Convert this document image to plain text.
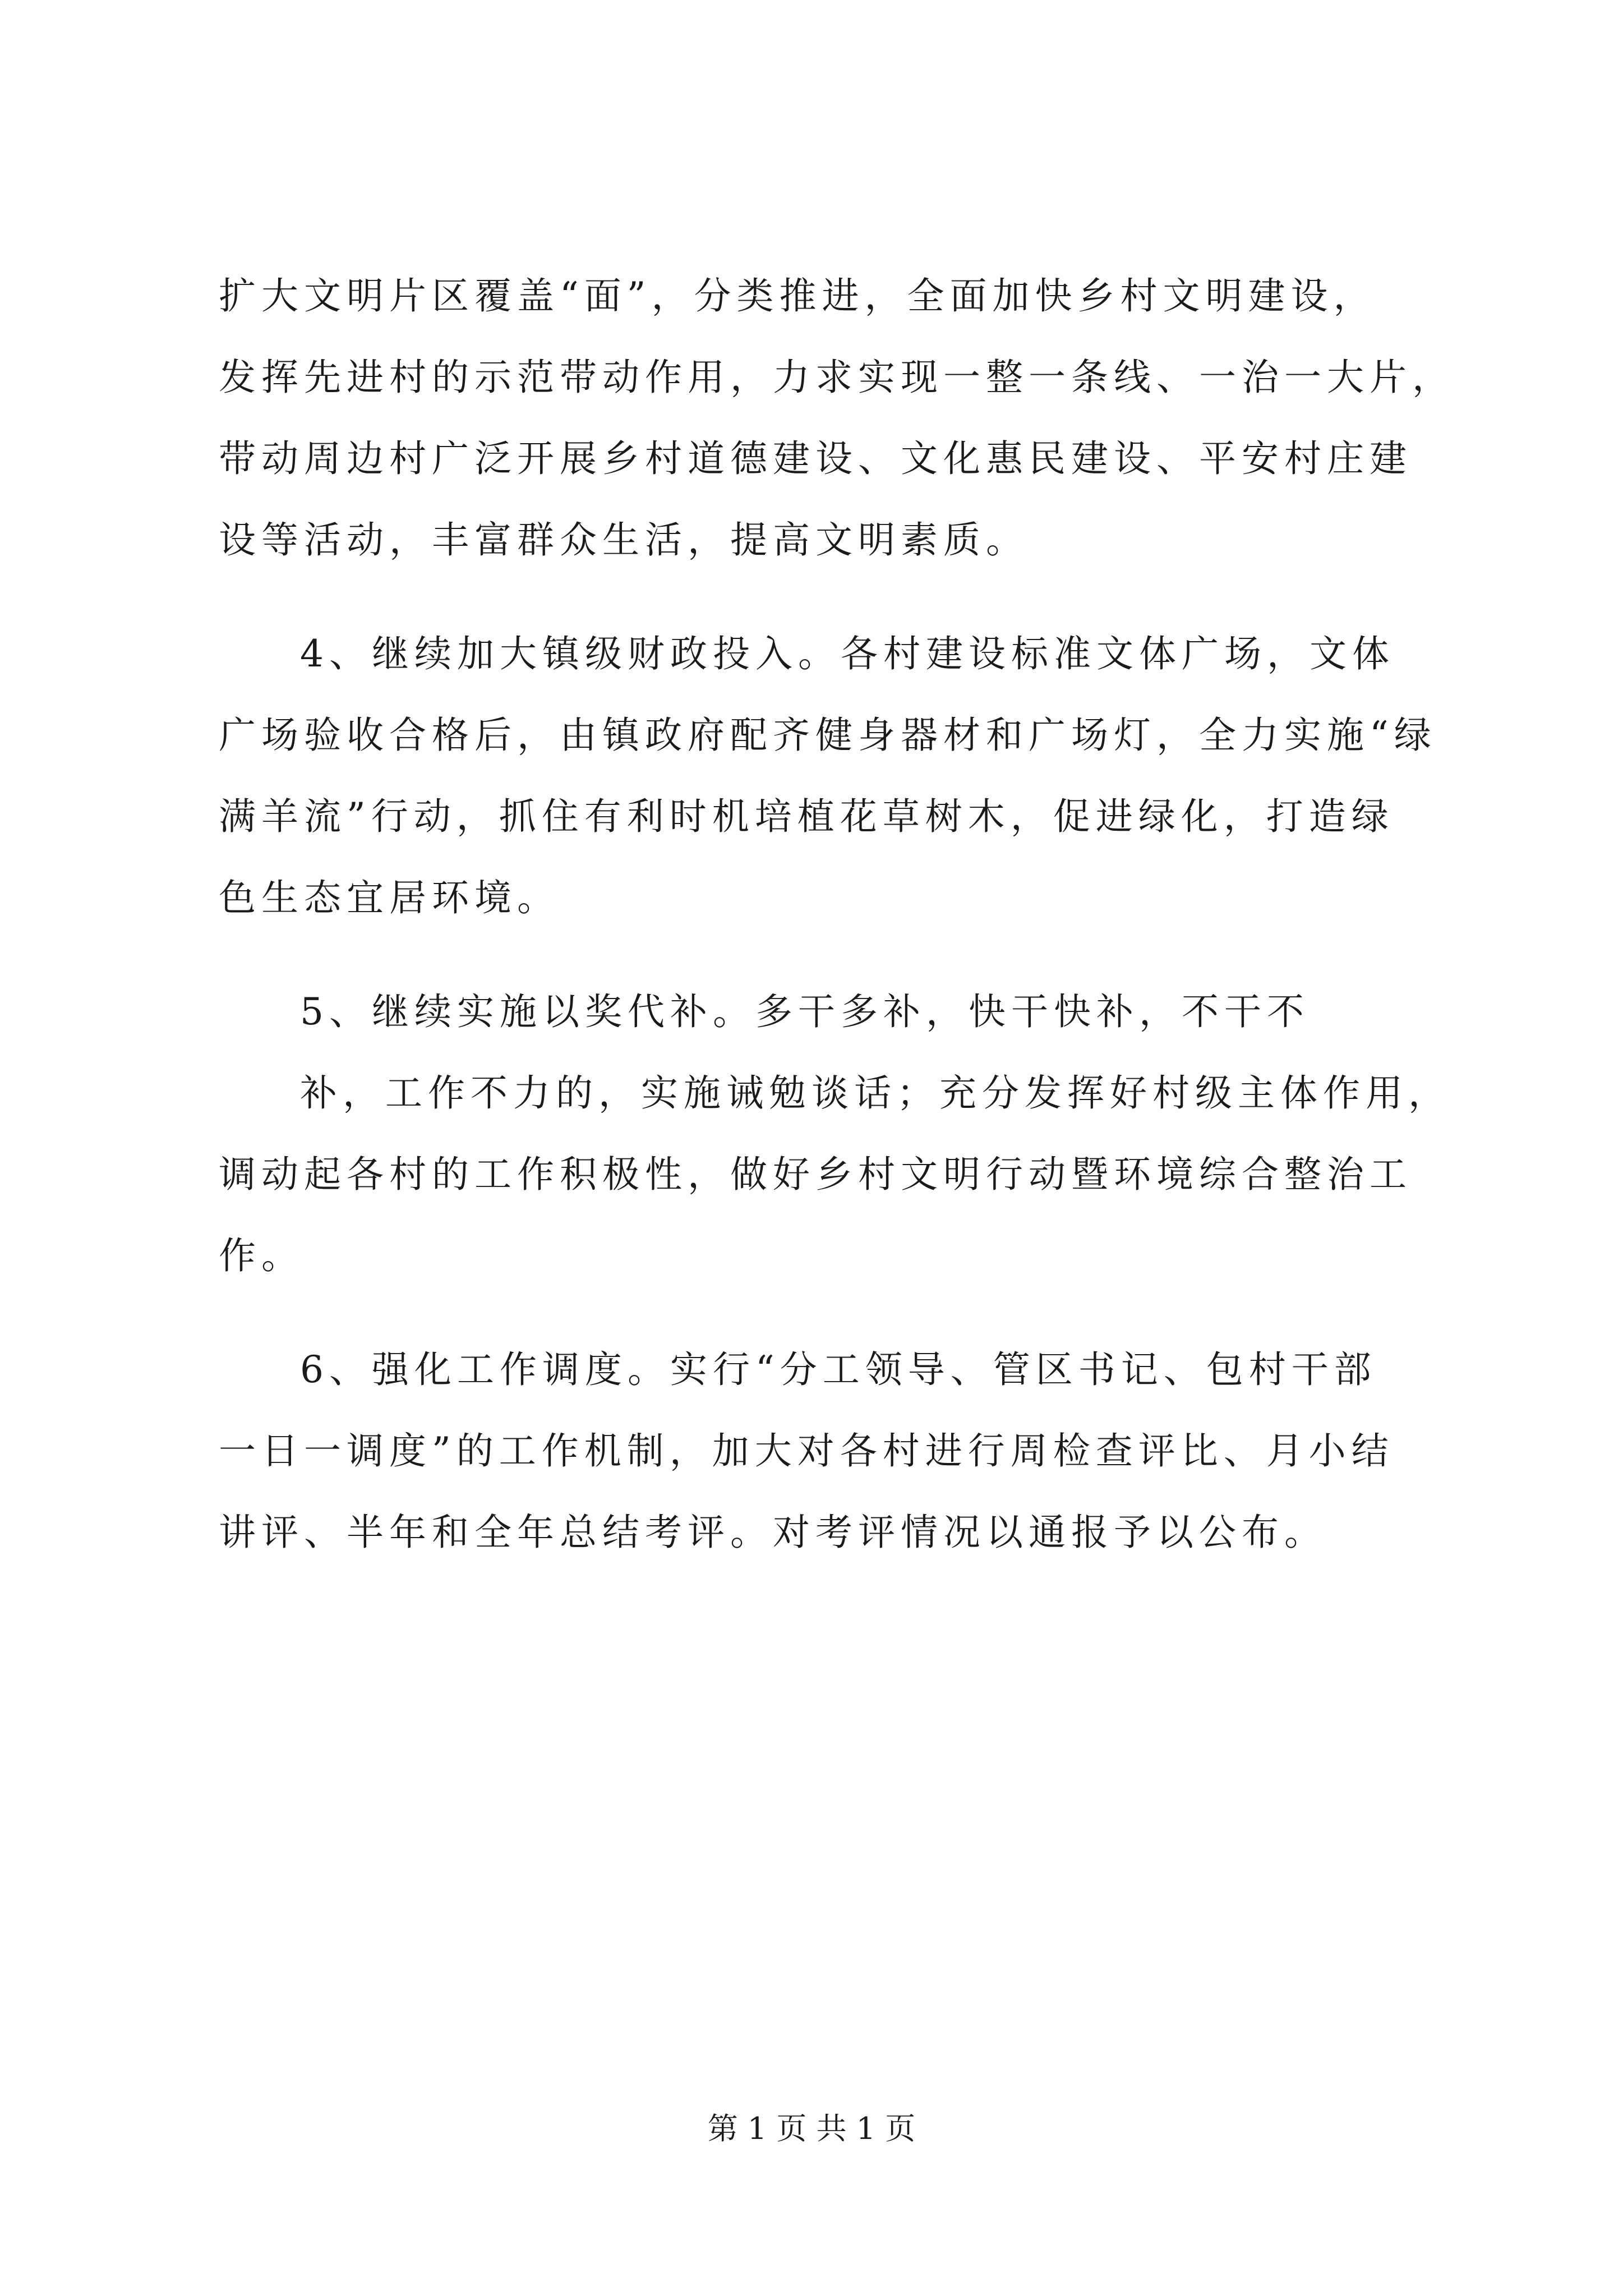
扩大文明片区覆盖“面”，分类推进，全面加快乡村文明建设，
发挥先进村的示范带动作用，力求实现一整一条线、一治一大片，
带动周边村广泛开展乡村道德建设、文化惠民建设、平安村庄建
设等活动，丰富群众生活，提高文明素质。
4、继续加大镇级财政投入。各村建设标准文体广场，文体
广场验收合格后，由镇政府配齐健身器材和广场灯，全力实施“绿
满羊流”行动，抓住有利时机培植花草树木，促进绿化，打造绿
色生态宜居环境。
5、继续实施以奖代补。多干多补，快干快补，不干不
补，工作不力的，实施诫勉谈话；充分发挥好村级主体作用，
调动起各村的工作积极性，做好乡村文明行动暨环境综合整治工
作。
6、强化工作调度。实行“分工领导、管区书记、包村干部
一日一调度”的工作机制，加大对各村进行周检查评比、月小结
讲评、半年和全年总结考评。对考评情况以通报予以公布。
第 1 页 共 1 页
